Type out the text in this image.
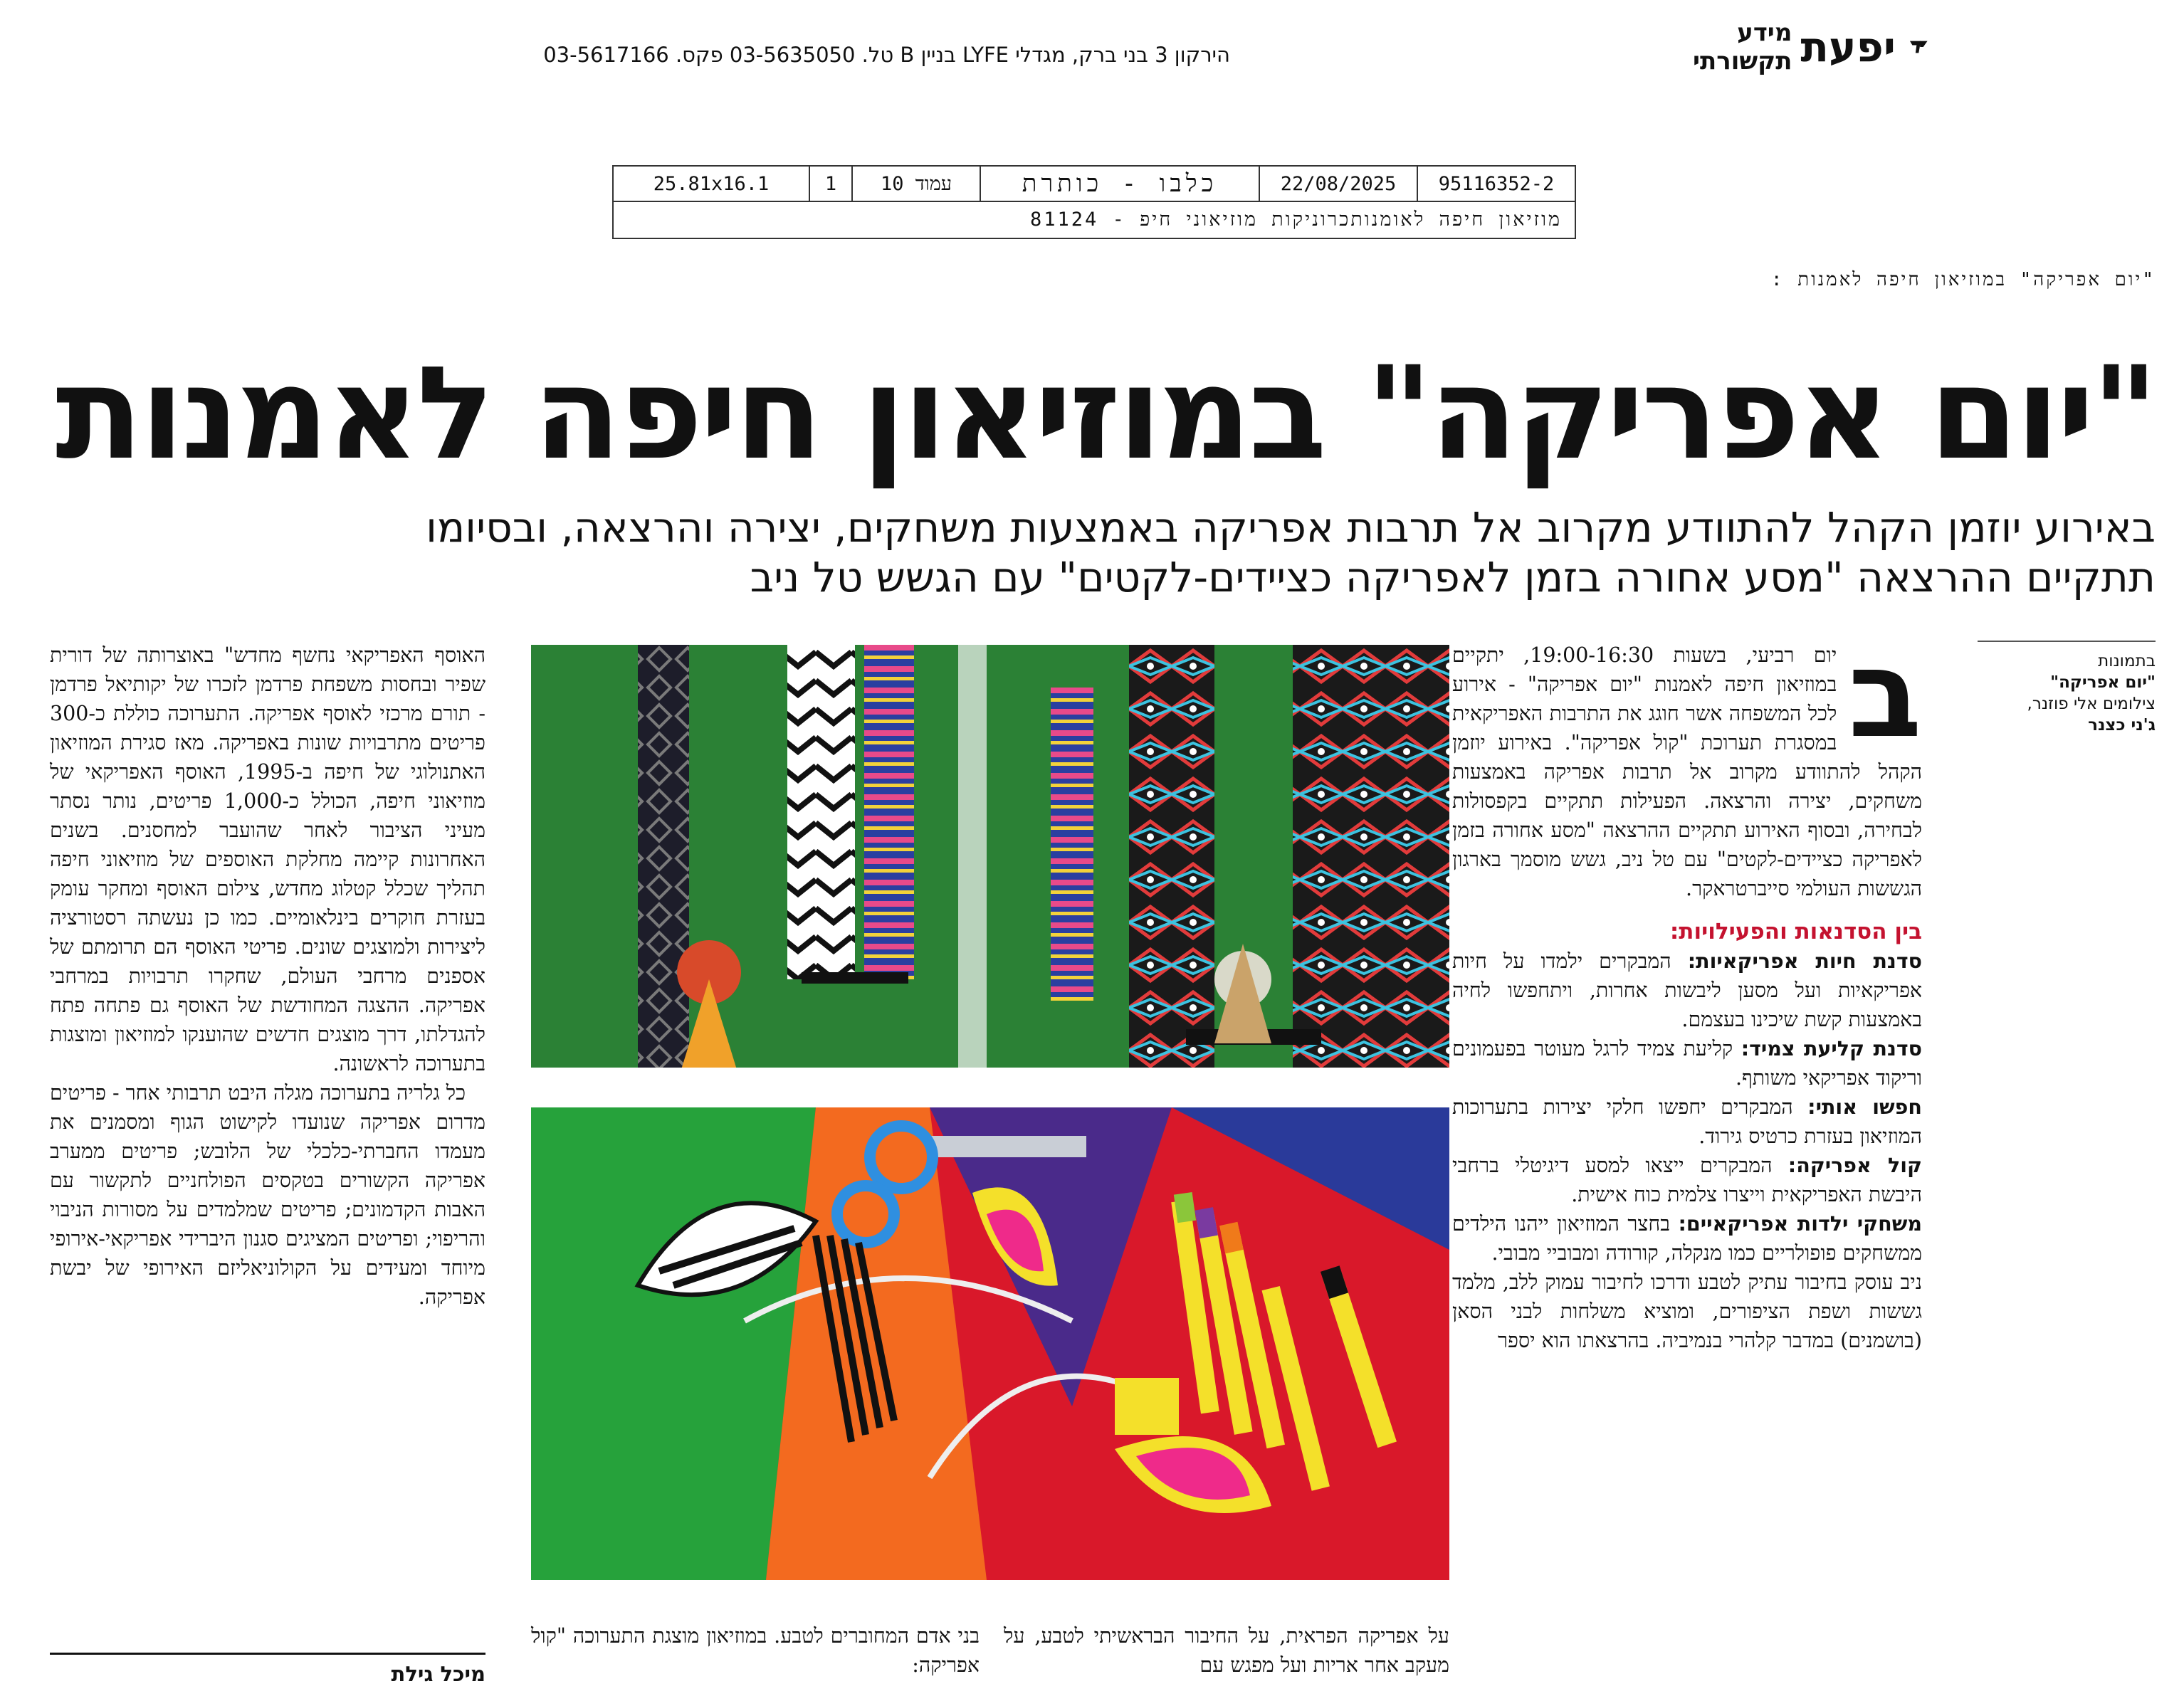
יפעת
מידע תקשורתי
הירקון 3 בני ברק, מגדלי LYFE בניין B טל. 03-5635050 פקס. 03-5617166
95116352-2
22/08/2025
כלבו - כותרת
עמוד 10
1
25.81x16.1
מוזיאון חיפה לאומנותכרוניקות מוזיאוני חיפ - 81124
"יום אפריקה" במוזיאון חיפה לאמנות :
"יום אפריקה" במוזיאון חיפה לאמנות
באירוע יוזמן הקהל להתוודע מקרוב אל תרבות אפריקה באמצעות משחקים, יצירה והרצאה, ובסיומו
תתקיים ההרצאה "מסע אחורה בזמן לאפריקה כציידים-לקטים" עם הגשש טל ניב
בתמונות
"יום אפריקה"
צילומים אלי פוזנר,
ג'ני כצנר
ב

יום רביעי, בשעות 19:00-16:30, יתקיים במוזיאון חיפה לאמנות "יום אפריקה" - אירוע לכל המשפחה אשר חוגג את התרבות האפריקאית במסגרת תערוכת "קול אפריקה". באירוע יוזמן הקהל להתוודע מקרוב אל תרבות אפריקה באמצעות משחקים, יצירה והרצאה. הפעילות תתקיים בקפסולות לבחירה, ובסוף האירוע תתקיים ההרצאה "מסע אחורה בזמן לאפריקה כציידים-לקטים" עם טל ניב, גשש מוסמך בארגון הגששות העולמי סייברטראקר.

בין הסדנאות והפעילויות:

סדנת חיות אפריקאיות: המבקרים ילמדו על חיות אפריקאיות ועל מסען ליבשות אחרות, ויתחפשו לחיה באמצעות קשת שיכינו בעצמם.

סדנת קליעת צמיד: קליעת צמיד לרגל מעוטר בפעמונים וריקוד אפריקאי משותף.

חפשו אותי: המבקרים יחפשו חלקי יצירות בתערוכות המוזיאון בעזרת כרטיס גירוד.

קול אפריקה: המבקרים ייצאו למסע דיגיטלי ברחבי היבשת האפריקאית וייצרו צלמית כוח אישית.

משחקי ילדות אפריקאיים: בחצר המוזיאון ייהנו הילדים ממשחקים פופולריים כמו מנקלה, קורודה ומבוביי מבובי.

ניב עוסק בחיבור עתיק לטבע ודרכו לחיבור עמוק ללב, מלמד גששות ושפת הציפורים, ומוציא משלחות לבני הסאן (בושמנים) במדבר קלהרי בנמיביה. בהרצאתו הוא יספר

על אפריקה הפראית, על החיבור הבראשיתי לטבע, על מעקב אחר אריות ועל מפגש עם
בני אדם המחוברים לטבע. במוזיאון מוצגת התערוכה "קול אפריקה:

האוסף האפריקאי נחשף מחדש" באוצרותה של דורית שפיר ובחסות משפחת פרדמן לזכרו של יקותיאל פרדמן - תורם מרכזי לאוסף אפריקה. התערוכה כוללת כ-300 פריטים מתרבויות שונות באפריקה. מאז סגירת המוזיאון האתנולוגי של חיפה ב-1995, האוסף האפריקאי של מוזיאוני חיפה, הכולל כ-1,000 פריטים, נותר נסתר מעיני הציבור לאחר שהועבר למחסנים. בשנים האחרונות קיימה מחלקת האוספים של מוזיאוני חיפה תהליך שכלל קטלוג מחדש, צילום האוסף ומחקר עומק בעזרת חוקרים בינלאומיים. כמו כן נעשתה רסטורציה ליצירות ולמוצגים שונים. פריטי האוסף הם תרומתם של אספנים מרחבי העולם, שחקרו תרבויות במרחבי אפריקה. ההצגה המחודשת של האוסף גם פתחה פתח להגדלתו, דרך מוצגים חדשים שהוענקו למוזיאון ומוצגות בתערוכה לראשונה.

כל גלריה בתערוכה מגלה היבט תרבותי אחר - פריטים מדרום אפריקה שנועדו לקישוט הגוף ומסמנים את מעמדו החברתי-כלכלי של הלובש; פריטים ממערב אפריקה הקשורים בטקסים הפולחניים לתקשור עם האבות הקדמונים; פריטים שמלמדים על מסורות הניבוי והריפוי; ופריטים המציגים סגנון היברידי אפריקאי-אירופי מיוחד ומעידים על הקולוניאליזם האירופי של יבשת אפריקה.

מיכל גילת
